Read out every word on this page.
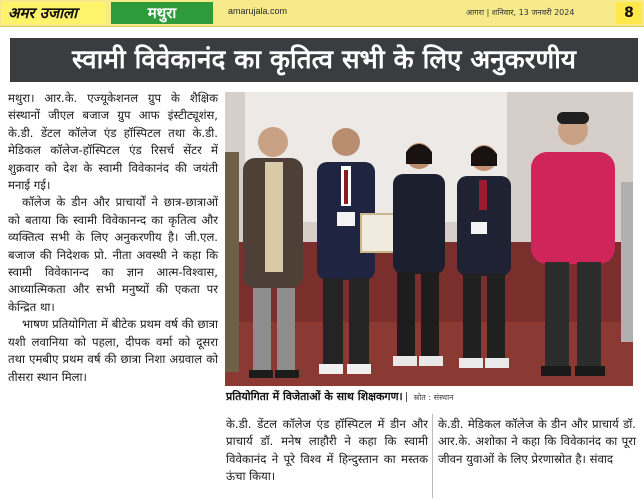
अमर उजाला	मथुरा	amarujala.com	आगरा | शनिवार, 13 जनवरी 2024	8
स्वामी विवेकानंद का कृतित्व सभी के लिए अनुकरणीय

मथुरा। आर.के. एज्यूकेशनल ग्रुप के शैक्षिक संस्थानों जीएल बजाज ग्रुप आफ इंस्टीट्यूशंस, के.डी. डेंटल कॉलेज एंड हॉस्पिटल तथा के.डी. मेडिकल कॉलेज-हॉस्पिटल एंड रिसर्च सेंटर में शुक्रवार को देश के स्वामी विवेकानंद की जयंती मनाई गई।

कॉलेज के डीन और प्राचार्यों ने छात्र-छात्राओं को बताया कि स्वामी विवेकानन्द का कृतित्व और व्यक्तित्व सभी के लिए अनुकरणीय है। जी.एल. बजाज की निदेशक प्रो. नीता अवस्थी ने कहा कि स्वामी विवेकानन्द का ज्ञान आत्म-विश्वास, आध्यात्मिकता और सभी मनुष्यों की एकता पर केन्द्रित था।

भाषण प्रतियोगिता में बीटेक प्रथम वर्ष की छात्रा यशी लवानिया को पहला, दीपक वर्मा को दूसरा तथा एमबीए प्रथम वर्ष की छात्रा निशा अग्रवाल को तीसरा स्थान मिला।

प्रतियोगिता में विजेताओं के साथ शिक्षकगण। स्रोत : संस्थान

के.डी. डेंटल कॉलेज एंड हॉस्पिटल में डीन और प्राचार्य डॉ. मनेष लाहौरी ने कहा कि स्वामी विवेकानंद ने पूरे विश्व में हिन्दुस्तान का मस्तक ऊंचा किया।

के.डी. मेडिकल कॉलेज के डीन और प्राचार्य डॉ. आर.के. अशोका ने कहा कि विवेकानंद का पूरा जीवन युवाओं के लिए प्रेरणास्रोत है। संवाद
